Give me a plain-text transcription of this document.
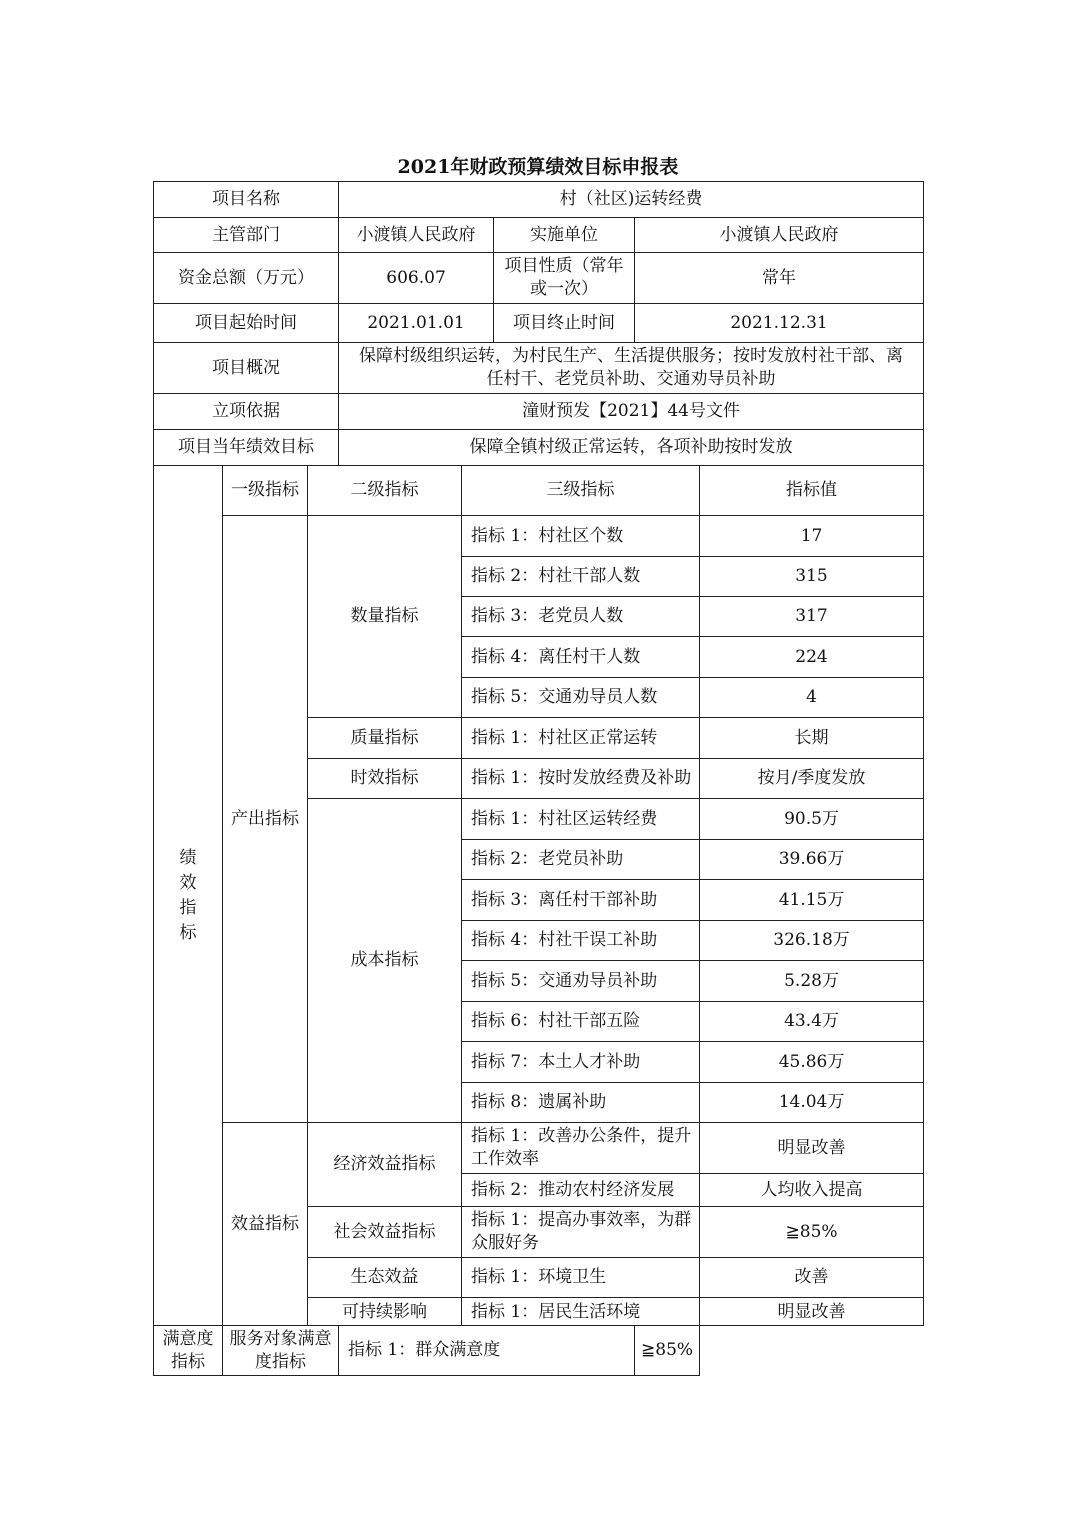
2021年财政预算绩效目标申报表
项目名称			村（社区)运转经费				
主管部门			小渡镇人民政府		实施单位	小渡镇人民政府	
资金总额（万元）			606.07		项目性质（常年或一次）	常年	
项目起始时间			2021.01.01		项目终止时间	2021.12.31	
项目概况			保障村级组织运转，为村民生产、生活提供服务；按时发放村社干部、离任村干、老党员补助、交通劝导员补助				
立项依据			潼财预发【2021】44号文件				
项目当年绩效目标			保障全镇村级正常运转，各项补助按时发放				
绩效指标	一级指标	二级指标		三级指标			指标值
	产出指标	数量指标		指标 1：村社区个数			17
				指标 2：村社干部人数			315
				指标 3：老党员人数			317
				指标 4：离任村干人数			224
				指标 5：交通劝导员人数			4
		质量指标		指标 1：村社区正常运转			长期
		时效指标		指标 1：按时发放经费及补助			按月/季度发放
		成本指标		指标 1：村社区运转经费			90.5万
				指标 2：老党员补助			39.66万
				指标 3：离任村干部补助			41.15万
				指标 4：村社干误工补助			326.18万
				指标 5：交通劝导员补助			5.28万
				指标 6：村社干部五险			43.4万
				指标 7：本土人才补助			45.86万
				指标 8：遗属补助			14.04万
	效益指标	经济效益指标		指标 1：改善办公条件，提升工作效率			明显改善
				指标 2：推动农村经济发展			人均收入提高
		社会效益指标		指标 1：提高办事效率，为群众服好务			≧85%
		生态效益		指标 1：环境卫生			改善
		可持续影响		指标 1：居民生活环境			明显改善
满意度指标	服务对象满意度指标		指标 1：群众满意度			≧85%	
